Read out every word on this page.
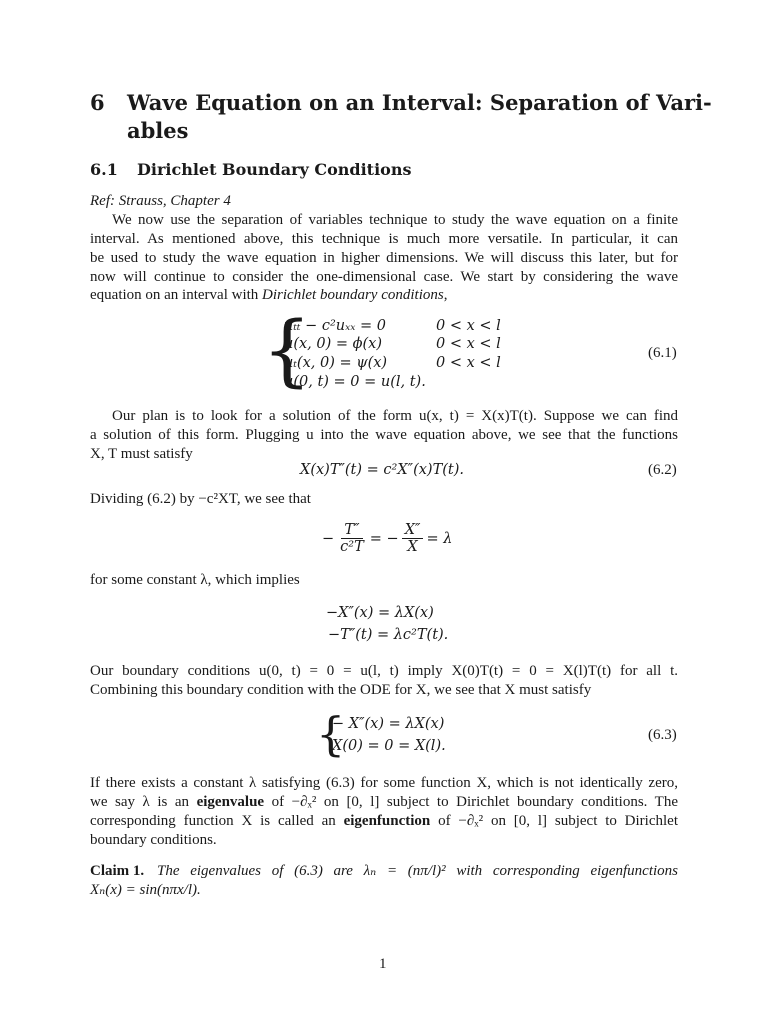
6 Wave Equation on an Interval: Separation of Vari-
ables
6.1 Dirichlet Boundary Conditions
Ref: Strauss, Chapter 4
We now use the separation of variables technique to study the wave equation on a finite
interval. As mentioned above, this technique is much more versatile. In particular, it can
be used to study the wave equation in higher dimensions. We will discuss this later, but for
now will continue to consider the one-dimensional case. We start by considering the wave
equation on an interval with Dirichlet boundary conditions,
{
uₜₜ − c²uₓₓ = 0	0 < x < l
u(x, 0) = ϕ(x)	0 < x < l
uₜ(x, 0) = ψ(x)	0 < x < l
u(0, t) = 0 = u(l, t).
(6.1)
Our plan is to look for a solution of the form u(x, t) = X(x)T(t). Suppose we can find
a solution of this form. Plugging u into the wave equation above, we see that the functions
X, T must satisfy
X(x)T″(t) = c²X″(x)T(t).	(6.2)
Dividing (6.2) by −c²XT, we see that
− $\frac{T''}{\text{c²T}}$ = − $\frac{X''}{X} = \lambda$
for some constant λ, which implies
−X″(x) = λX(x)
−T″(t) = λc²T(t).
Our boundary conditions u(0, t) = 0 = u(l, t) imply X(0)T(t) = 0 = X(l)T(t) for all t.
Combining this boundary condition with the ODE for X, we see that X must satisfy
{
− X″(x) = λX(x)
X(0) = 0 = X(l).
(6.3)
If there exists a constant λ satisfying (6.3) for some function X, which is not identically zero,
we say λ is an eigenvalue of −∂ₓ² on [0, l] subject to Dirichlet boundary conditions. The
corresponding function X is called an eigenfunction of −∂ₓ² on [0, l] subject to Dirichlet
boundary conditions.
Claim 1. The eigenvalues of (6.3) are λₙ = (nπ/l)² with corresponding eigenfunctions
Xₙ(x) = sin(nπx/l).
1
